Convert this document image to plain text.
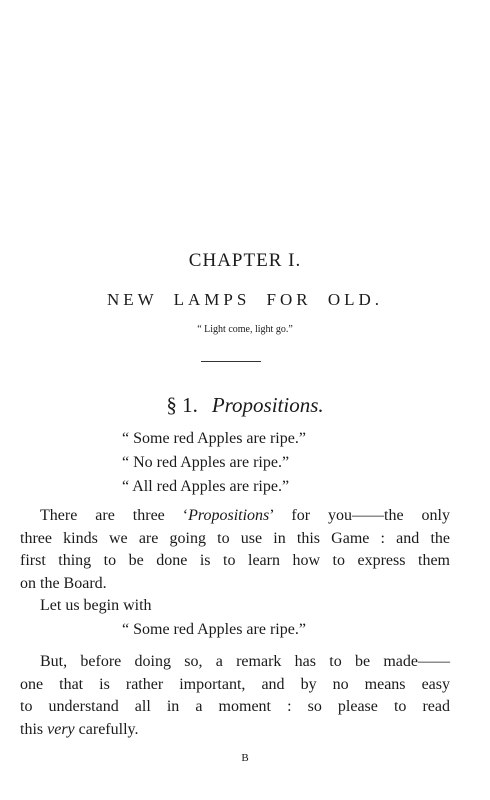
CHAPTER I.
NEW LAMPS FOR OLD.
“ Light come, light go.”
§ 1. Propositions.
“ Some red Apples are ripe.”
“ No red Apples are ripe.”
“ All red Apples are ripe.”
There are three ‘Propositions’ for you——the only
three kinds we are going to use in this Game : and the
first thing to be done is to learn how to express them
on the Board.
Let us begin with
“ Some red Apples are ripe.”
But, before doing so, a remark has to be made——
one that is rather important, and by no means easy
to understand all in a moment : so please to read
this very carefully.
B
